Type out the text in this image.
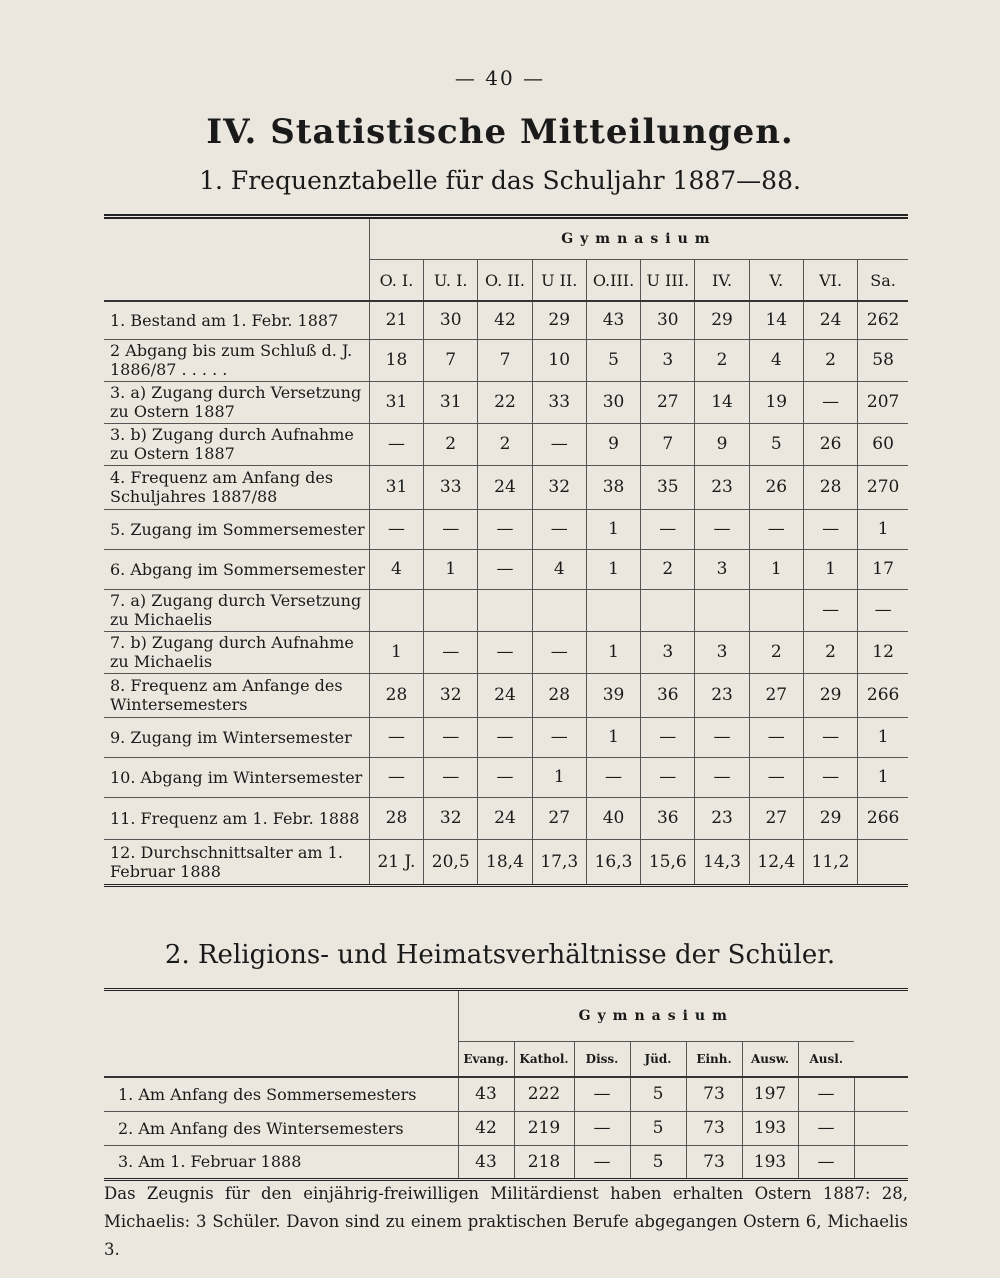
— 40 —
IV. Statistische Mitteilungen.
1. Frequenztabelle für das Schuljahr 1887—88.
	Gymnasium									
	O. I.	U. I.	O. II.	U II.	O.III.	U III.	IV.	V.	VI.	Sa.
1. Bestand am 1. Febr. 1887	21	30	42	29	43	30	29	14	24	262
2 Abgang bis zum Schluß d. J. 1886/87 . . . . .	18	7	7	10	5	3	2	4	2	58
3. a) Zugang durch Versetzung zu Ostern 1887	31	31	22	33	30	27	14	19	—	207
3. b) Zugang durch Aufnahme zu Ostern 1887	—	2	2	—	9	7	9	5	26	60
4. Frequenz am Anfang des Schuljahres 1887/88	31	33	24	32	38	35	23	26	28	270
5. Zugang im Sommersemester	—	—	—	—	1	—	—	—	—	1
6. Abgang im Sommersemester	4	1	—	4	1	2	3	1	1	17
7. a) Zugang durch Versetzung zu Michaelis									—	—
7. b) Zugang durch Aufnahme zu Michaelis	1	—	—	—	1	3	3	2	2	12
8. Frequenz am Anfange des Wintersemesters	28	32	24	28	39	36	23	27	29	266
9. Zugang im Wintersemester	—	—	—	—	1	—	—	—	—	1
10. Abgang im Wintersemester	—	—	—	1	—	—	—	—	—	1
11. Frequenz am 1. Febr. 1888	28	32	24	27	40	36	23	27	29	266
12. Durchschnittsalter am 1. Februar 1888	21 J.	20,5	18,4	17,3	16,3	15,6	14,3	12,4	11,2	
2. Religions- und Heimatsverhältnisse der Schüler.
	Gymnasium							
	Evang.	Kathol.	Diss.	Jüd.	Einh.	Ausw.	Ausl.	
1. Am Anfang des Sommersemesters	43	222	—	5	73	197	—	
2. Am Anfang des Wintersemesters	42	219	—	5	73	193	—	
3. Am 1. Februar 1888	43	218	—	5	73	193	—	
Das Zeugnis für den einjährig-freiwilligen Militärdienst haben erhalten Ostern 1887: 28, Michaelis: 3 Schüler. Davon sind zu einem praktischen Berufe abgegangen Ostern 6, Michaelis 3.
